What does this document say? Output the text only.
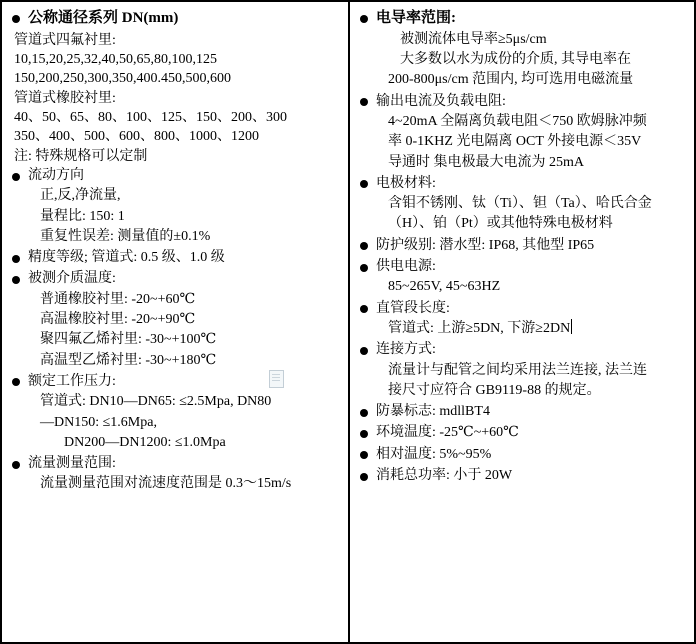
公称通径系列 DN(mm)
管道式四氟衬里:
10,15,20,25,32,40,50,65,80,100,125
150,200,250,300,350,400.450,500,600
管道式橡胶衬里:
40、50、65、80、100、125、150、200、300
350、400、500、600、800、1000、1200
注: 特殊规格可以定制
流动方向
正,反,净流量,
量程比: 150: 1
重复性误差: 测量值的±0.1%
精度等级; 管道式: 0.5 级、1.0 级
被测介质温度:
普通橡胶衬里: -20~+60℃
高温橡胶衬里: -20~+90℃
聚四氟乙烯衬里: -30~+100℃
高温型乙烯衬里: -30~+180℃
额定工作压力:
管道式: DN10—DN65: ≤2.5Mpa, DN80
—DN150: ≤1.6Mpa,
DN200—DN1200: ≤1.0Mpa
流量测量范围:
流量测量范围对流速度范围是 0.3～15m/s
电导率范围:
被测流体电导率≥5μs/cm
大多数以水为成份的介质, 其导电率在
200-800μs/cm 范围内, 均可选用电磁流量
输出电流及负载电阻:
4~20mA 全隔离负载电阻＜750 欧姆脉冲频
率 0-1KHZ 光电隔离 OCT 外接电源＜35V
导通时 集电极最大电流为 25mA
电极材料:
含钼不锈刚、钛（Ti）、钽（Ta）、哈氏合金
（H）、铂（Pt）或其他特殊电极材料
防护级别: 潜水型: IP68, 其他型 IP65
供电电源:
85~265V, 45~63HZ
直管段长度:
管道式: 上游≥5DN, 下游≥2DN
连接方式:
流量计与配管之间均采用法兰连接, 法兰连
接尺寸应符合 GB9119-88 的规定。
防暴标志: mdllBT4
环境温度: -25℃~+60℃
相对温度: 5%~95%
消耗总功率: 小于 20W
